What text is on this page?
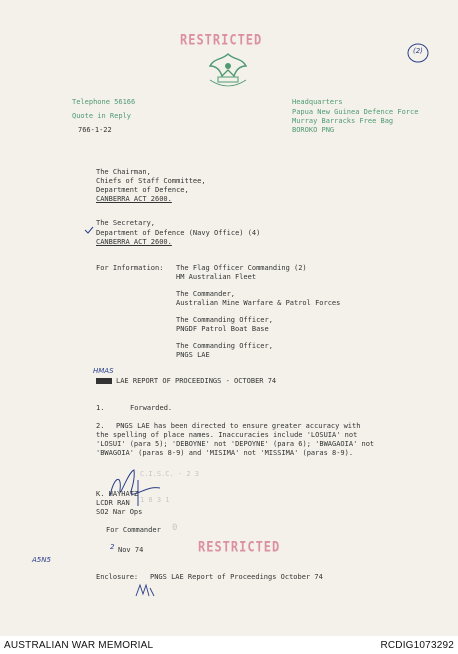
RESTRICTED
(2)
Telephone 56166
Quote in Reply
766-1-22
Headquarters
Papua New Guinea Defence Force
Murray Barracks Free Bag
BOROKO PNG
The Chairman,
Chiefs of Staff Committee,
Department of Defence,
CANBERRA ACT 2600.
The Secretary,
Department of Defence (Navy Office) (4)
CANBERRA ACT 2600.
For Information: The Flag Officer Commanding (2)
HM Australian Fleet
The Commander,
Australian Mine Warfare & Patrol Forces
The Commanding Officer,
PNGDF Patrol Boat Base
The Commanding Officer,
PNGS LAE
HMAS
LAE REPORT OF PROCEEDINGS - OCTOBER 74
1.	Forwarded.
2. PNGS LAE has been directed to ensure greater accuracy with
the spelling of place names. Inaccuracies include 'LOSUIA' not
'LOSUI' (para 5); 'DEBOYNE' not 'DEPOYNE' (para 6); 'BWAGAOIA' not
'BWAGOIA' (paras 8-9) and 'MISIMA' not 'MISSIMA' (paras 8-9).
C.I.S.C. - 2 3
1 8 3 1
K. HAYHATZ
LCDR RAN
SO2 Nar Ops
For Commander 0
2 Nov 74	RESTRICTED
A5N5
Enclosure: PNGS LAE Report of Proceedings October 74
AUSTRALIAN WAR MEMORIAL	RCDIG1073292
